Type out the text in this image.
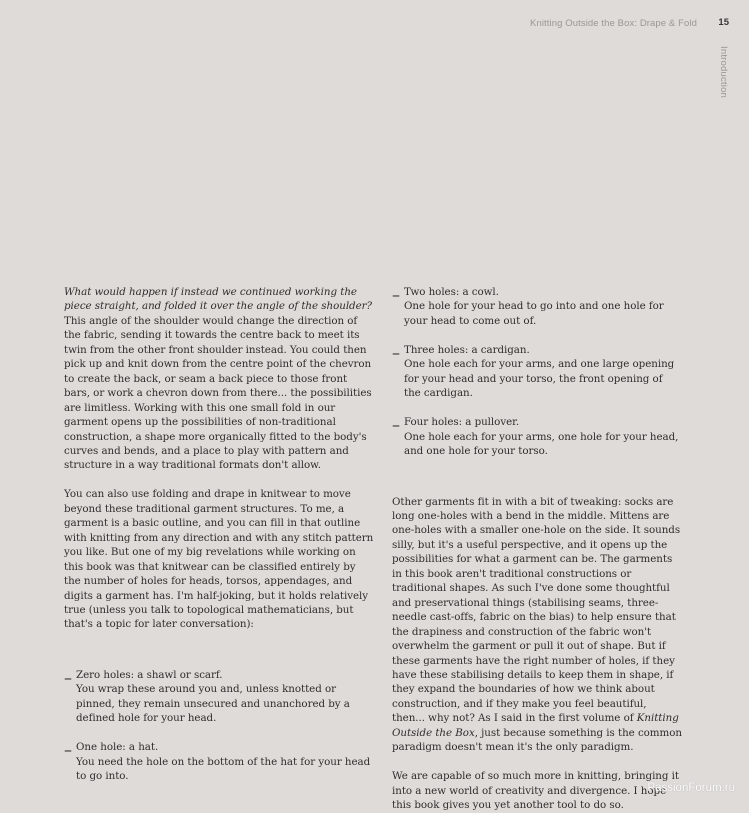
Knitting Outside the Box: Drape & Fold 15
Introduction

What would happen if instead we continued working the piece straight, and folded it over the angle of the shoulder? This angle of the shoulder would change the direction of the fabric, sending it towards the centre back to meet its twin from the other front shoulder instead. You could then pick up and knit down from the centre point of the chevron to create the back, or seam a back piece to those front bars, or work a chevron down from there... the possibilities are limitless. Working with this one small fold in our garment opens up the possibilities of non-traditional construction, a shape more organically fitted to the body's curves and bends, and a place to play with pattern and structure in a way traditional formats don't allow.

You can also use folding and drape in knitwear to move beyond these traditional garment structures. To me, a garment is a basic outline, and you can fill in that outline with knitting from any direction and with any stitch pattern you like. But one of my big revelations while working on this book was that knitwear can be classified entirely by the number of holes for heads, torsos, appendages, and digits a garment has. I'm half-joking, but it holds relatively true (unless you talk to topological mathematicians, but that's a topic for later conversation):

– Zero holes: a shawl or scarf.

You wrap these around you and, unless knotted or pinned, they remain unsecured and unanchored by a defined hole for your head.

– One hole: a hat.

You need the hole on the bottom of the hat for your head to go into.

– Two holes: a cowl.

One hole for your head to go into and one hole for your head to come out of.

– Three holes: a cardigan.

One hole each for your arms, and one large opening for your head and your torso, the front opening of the cardigan.

– Four holes: a pullover.

One hole each for your arms, one hole for your head, and one hole for your torso.

Other garments fit in with a bit of tweaking: socks are long one-holes with a bend in the middle. Mittens are one-holes with a smaller one-hole on the side. It sounds silly, but it's a useful perspective, and it opens up the possibilities for what a garment can be. The garments in this book aren't traditional constructions or traditional shapes. As such I've done some thoughtful and preservational things (stabilising seams, three-needle cast-offs, fabric on the bias) to help ensure that the drapiness and construction of the fabric won't overwhelm the garment or pull it out of shape. But if these garments have the right number of holes, if they have these stabilising details to keep them in shape, if they expand the boundaries of how we think about construction, and if they make you feel beautiful, then... why not? As I said in the first volume of Knitting Outside the Box, just because something is the common paradigm doesn't mean it's the only paradigm.

We are capable of so much more in knitting, bringing it into a new world of creativity and divergence. I hope this book gives you yet another tool to do so.

PassionForum.ru
